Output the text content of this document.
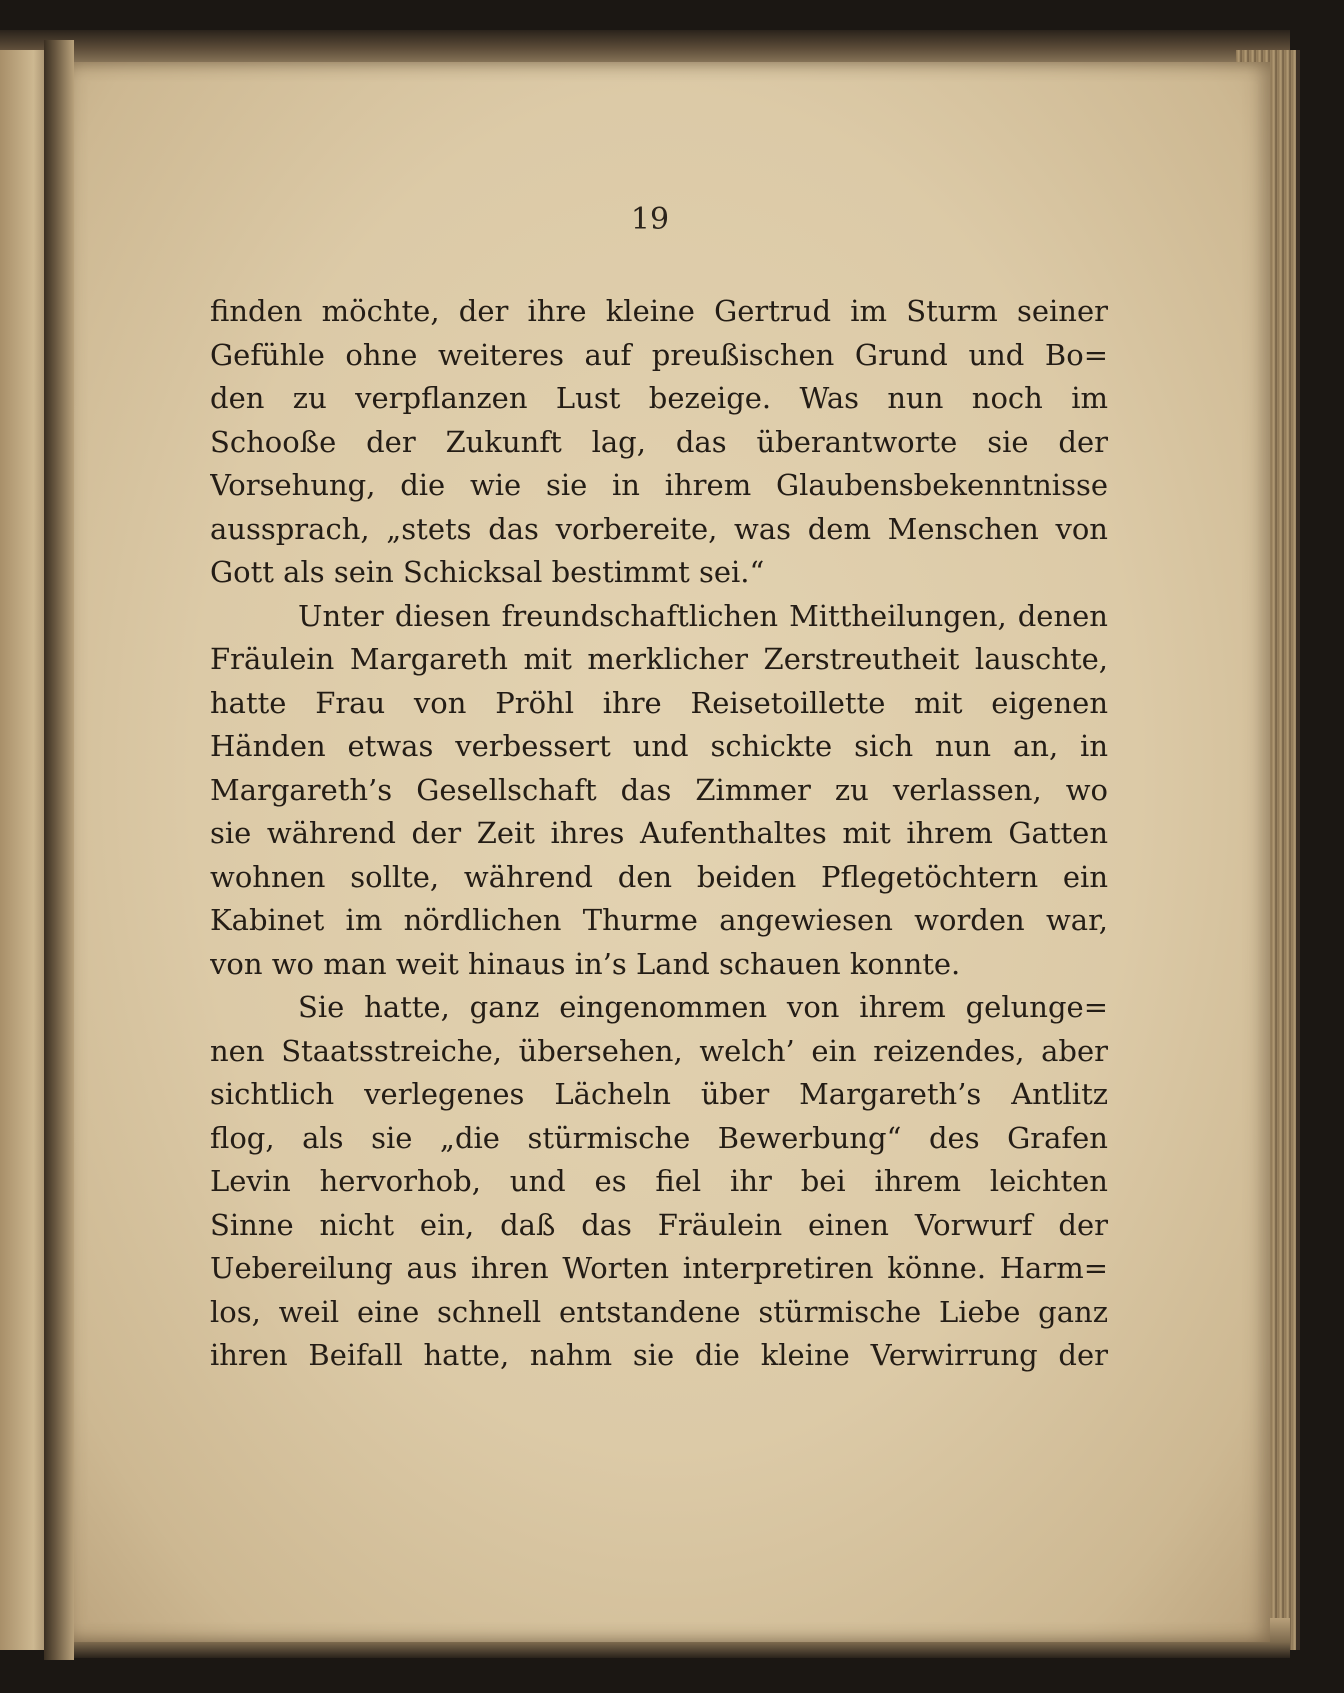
19
finden möchte, der ihre kleine Gertrud im Sturm seiner
Gefühle ohne weiteres auf preußischen Grund und Bo=
den zu verpflanzen Lust bezeige. Was nun noch im
Schooße der Zukunft lag, das überantworte sie der
Vorsehung, die wie sie in ihrem Glaubensbekenntnisse
aussprach, „stets das vorbereite, was dem Menschen von
Gott als sein Schicksal bestimmt sei.“
Unter diesen freundschaftlichen Mittheilungen, denen
Fräulein Margareth mit merklicher Zerstreutheit lauschte,
hatte Frau von Pröhl ihre Reisetoillette mit eigenen
Händen etwas verbessert und schickte sich nun an, in
Margareth’s Gesellschaft das Zimmer zu verlassen, wo
sie während der Zeit ihres Aufenthaltes mit ihrem Gatten
wohnen sollte, während den beiden Pflegetöchtern ein
Kabinet im nördlichen Thurme angewiesen worden war,
von wo man weit hinaus in’s Land schauen konnte.
Sie hatte, ganz eingenommen von ihrem gelunge=
nen Staatsstreiche, übersehen, welch’ ein reizendes, aber
sichtlich verlegenes Lächeln über Margareth’s Antlitz
flog, als sie „die stürmische Bewerbung“ des Grafen
Levin hervorhob, und es fiel ihr bei ihrem leichten
Sinne nicht ein, daß das Fräulein einen Vorwurf der
Uebereilung aus ihren Worten interpretiren könne. Harm=
los, weil eine schnell entstandene stürmische Liebe ganz
ihren Beifall hatte, nahm sie die kleine Verwirrung der
